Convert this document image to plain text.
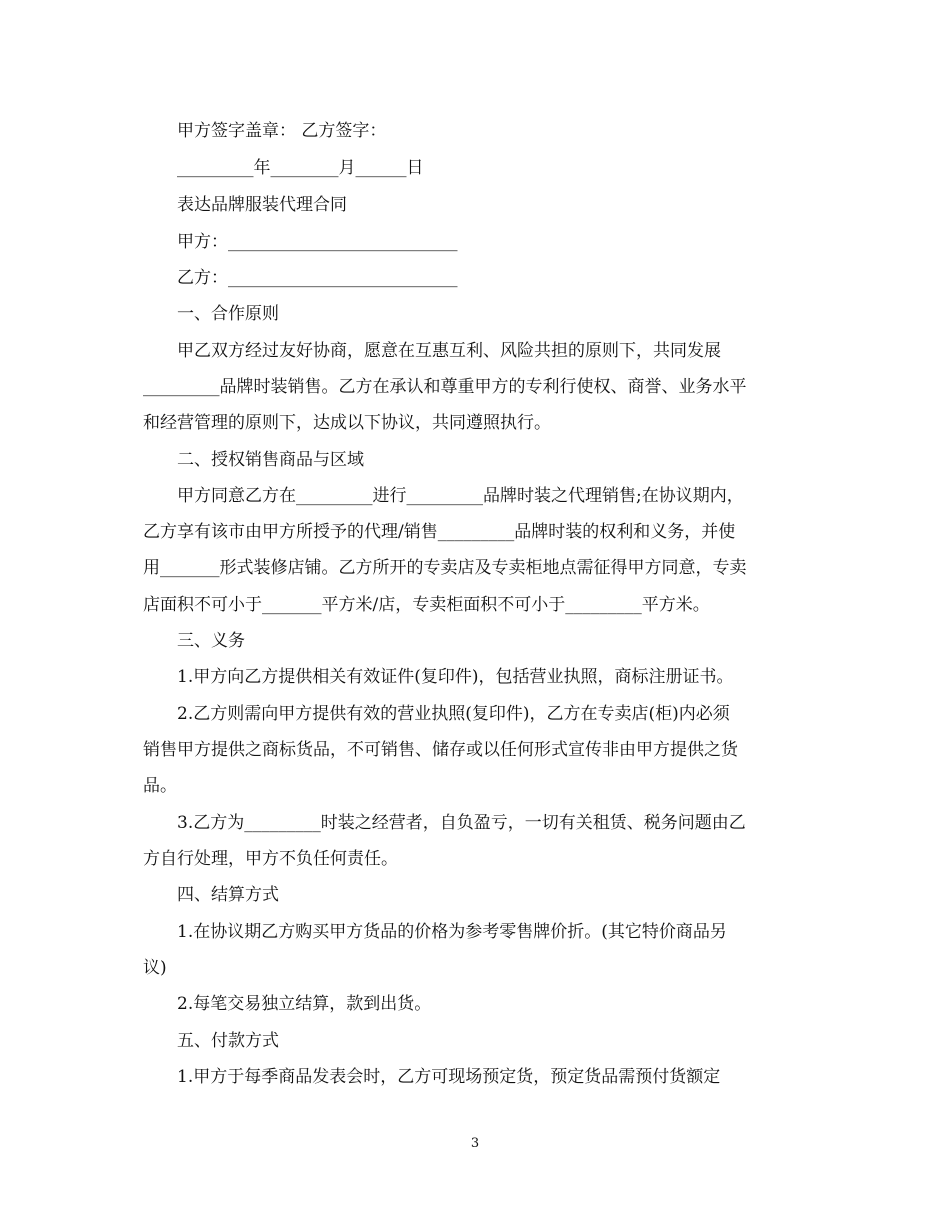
甲方签字盖章： 乙方签字：

_________年________月______日

表达品牌服装代理合同

甲方：___________________________

乙方：___________________________

一、合作原则

甲乙双方经过友好协商，愿意在互惠互利、风险共担的原则下，共同发展

_________品牌时装销售。乙方在承认和尊重甲方的专利行使权、商誉、业务水平

和经营管理的原则下，达成以下协议，共同遵照执行。

二、授权销售商品与区域

甲方同意乙方在_________进行_________品牌时装之代理销售;在协议期内，

乙方享有该市由甲方所授予的代理/销售_________品牌时装的权利和义务，并使

用_______形式装修店铺。乙方所开的专卖店及专卖柜地点需征得甲方同意，专卖

店面积不可小于_______平方米/店，专卖柜面积不可小于_________平方米。

三、义务

1.甲方向乙方提供相关有效证件(复印件)，包括营业执照，商标注册证书。

2.乙方则需向甲方提供有效的营业执照(复印件)，乙方在专卖店(柜)内必须

销售甲方提供之商标货品，不可销售、储存或以任何形式宣传非由甲方提供之货

品。

3.乙方为_________时装之经营者，自负盈亏，一切有关租赁、税务问题由乙

方自行处理，甲方不负任何责任。

四、结算方式

1.在协议期乙方购买甲方货品的价格为参考零售牌价折。(其它特价商品另

议)

2.每笔交易独立结算，款到出货。

五、付款方式

1.甲方于每季商品发表会时，乙方可现场预定货，预定货品需预付货额定

3
